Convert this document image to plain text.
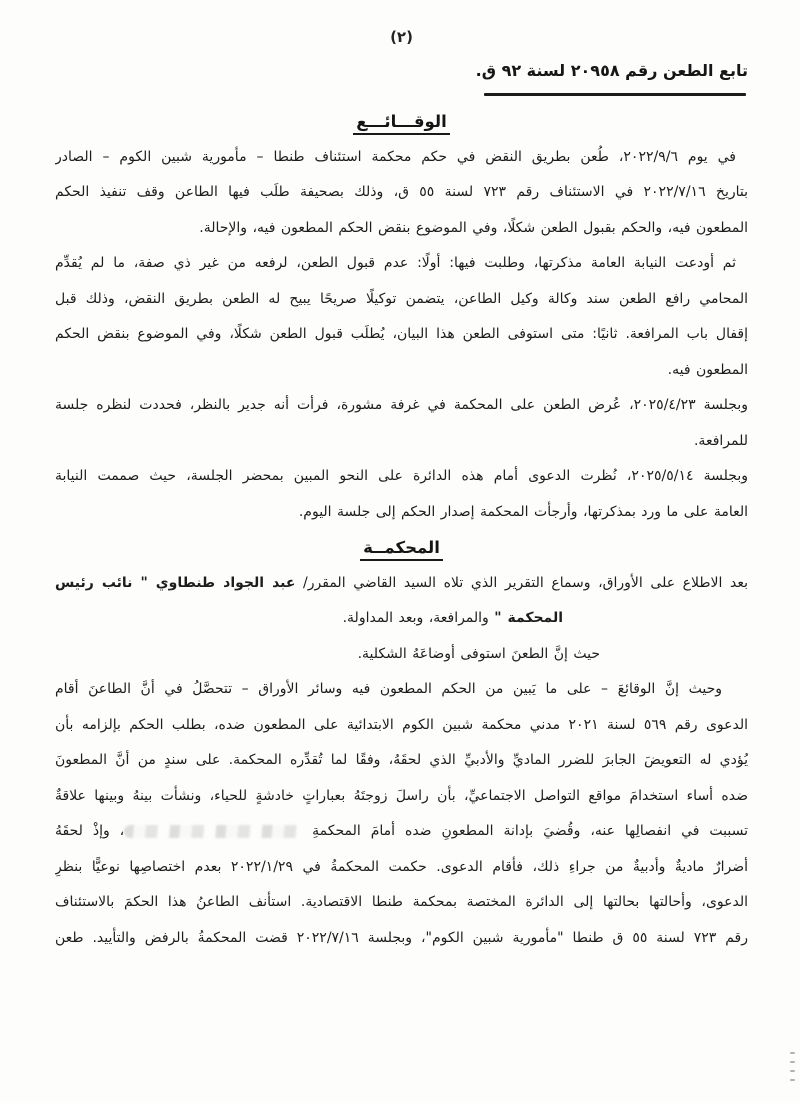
(٢)
تابع الطعن رقم ٢٠٩٥٨ لسنة ٩٢ ق.
الوقـــائـــع
في يوم ٢٠٢٢/٩/٦، طُعن بطريق النقض في حكم محكمة استئناف طنطا – مأمورية شبين الكوم – الصادر
بتاريخ ٢٠٢٢/٧/١٦ في الاستئناف رقم ٧٢٣ لسنة ٥٥ ق، وذلك بصحيفة طلَب فيها الطاعن وقف تنفيذ الحكم
المطعون فيه، والحكم بقبول الطعن شكلًا، وفي الموضوع بنقض الحكم المطعون فيه، والإحالة.
ثم أودعت النيابة العامة مذكرتها، وطلبت فيها: أولًا: عدم قبول الطعن، لرفعه من غير ذي صفة، ما لم يُقدِّم
المحامي رافع الطعن سند وكالة وكيل الطاعن، يتضمن توكيلًا صريحًا يبيح له الطعن بطريق النقض، وذلك قبل
إقفال باب المرافعة. ثانيًا: متى استوفى الطعن هذا البيان، يُطلَب قبول الطعن شكلًا، وفي الموضوع بنقض الحكم
المطعون فيه.
وبجلسة ٢٠٢٥/٤/٢٣، عُرض الطعن على المحكمة في غرفة مشورة، فرأت أنه جدير بالنظر، فحددت لنظره جلسة
للمرافعة.
وبجلسة ٢٠٢٥/٥/١٤، نُظرت الدعوى أمام هذه الدائرة على النحو المبين بمحضر الجلسة، حيث صممت النيابة
العامة على ما ورد بمذكرتها، وأرجأت المحكمة إصدار الحكم إلى جلسة اليوم.
المحكمــة
بعد الاطلاع على الأوراق، وسماع التقرير الذي تلاه السيد القاضي المقرر/ عبد الجواد طنطاوي " نائب رئيس
المحكمة " والمرافعة، وبعد المداولة.
حيث إنَّ الطعنَ استوفى أوضاعَهُ الشكلية.
وحيث إنَّ الوقائعَ – على ما يَبين من الحكم المطعون فيه وسائر الأوراق – تتحصَّلُ في أنَّ الطاعنَ أقام
الدعوى رقم ٥٦٩ لسنة ٢٠٢١ مدني محكمة شبين الكوم الابتدائية على المطعون ضده، بطلب الحكم بإلزامه بأن
يُؤدي له التعويضَ الجابرَ للضرر الماديِّ والأدبيِّ الذي لحقَهُ، وفقًا لما تُقدِّره المحكمة. على سندٍ من أنَّ المطعونَ
ضده أساء استخدامَ مواقع التواصل الاجتماعيِّ، بأن راسلَ زوجتَهُ بعباراتٍ خادشةٍ للحياء، ونشأت بينهُ وبينها علاقةٌ
تسببت في انفصالِها عنه، وقُضيَ بإدانة المطعونِ ضده أمامَ المحكمةِ ، وإذْ لحقَهُ
أضرارٌ ماديةٌ وأدبيةٌ من جراءِ ذلك، فأقام الدعوى. حكمت المحكمةُ في ٢٠٢٢/١/٢٩ بعدم اختصاصِها نوعيًّا بنظرِ
الدعوى، وأحالتها بحالتها إلى الدائرة المختصة بمحكمة طنطا الاقتصادية. استأنف الطاعنُ هذا الحكمَ بالاستئناف
رقم ٧٢٣ لسنة ٥٥ ق طنطا "مأمورية شبين الكوم"، وبجلسة ٢٠٢٢/٧/١٦ قضت المحكمةُ بالرفض والتأييد. طعن
